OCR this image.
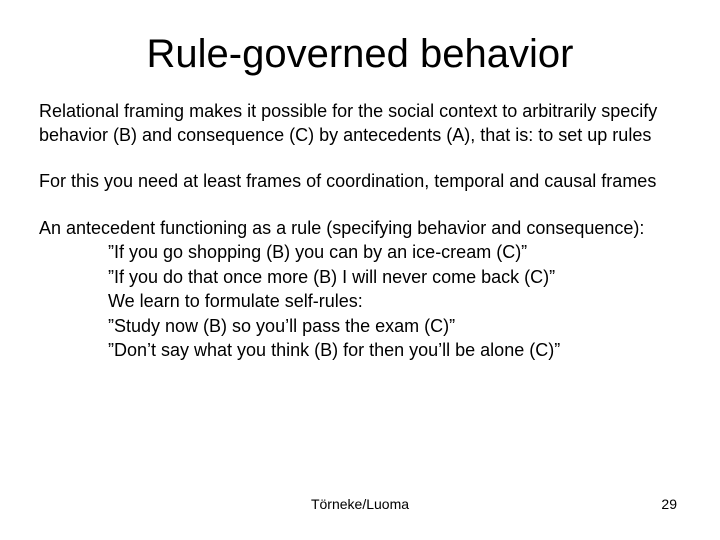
Rule-governed behavior

Relational framing makes it possible for the social context to arbitrarily specify behavior (B) and consequence (C) by antecedents (A), that is: to set up rules

For this you need at least frames of coordination, temporal and causal frames

An antecedent functioning as a rule (specifying behavior and consequence):

”If you go shopping (B) you can by an ice-cream (C)”
”If you do that once more (B) I will never come back (C)”
We learn to formulate self-rules:
”Study now (B) so you’ll pass the exam (C)”
”Don’t say what you think (B) for then you’ll be alone (C)”
Törneke/Luoma	29
